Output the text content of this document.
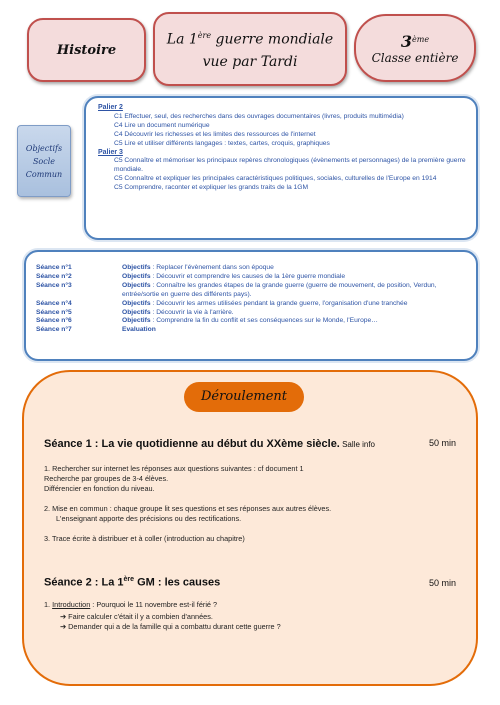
Histoire
La 1ère guerre mondiale
vue par Tardi
3ème
Classe entière
Objectifs
Socle
Commun
Palier 2
C1 Effectuer, seul, des recherches dans des ouvrages documentaires (livres, produits multimédia)
C4 Lire un document numérique
C4 Découvrir les richesses et les limites des ressources de l'internet
C5 Lire et utiliser différents langages : textes, cartes, croquis, graphiques
Palier 3
C5 Connaître et mémoriser les principaux repères chronologiques (évènements et personnages) de la première guerre mondiale.
C5 Connaître et expliquer les principales caractéristiques politiques, sociales, culturelles de l'Europe en 1914
C5 Comprendre, raconter et expliquer les grands traits de la 1GM
Séance n°1	Objectifs : Replacer l'évènement dans son époque
Séance n°2	Objectifs : Découvrir et comprendre les causes de la 1ère guerre mondiale
Séance n°3	Objectifs : Connaître les grandes étapes de la grande guerre (guerre de mouvement, de position, Verdun, entrée/sortie en guerre des différents pays).
Séance n°4	Objectifs : Découvrir les armes utilisées pendant la grande guerre, l'organisation d'une tranchée
Séance n°5	Objectifs : Découvrir la vie à l'arrière.
Séance n°6	Objectifs : Comprendre la fin du conflit et ses conséquences sur le Monde, l'Europe…
Séance n°7	Evaluation
Déroulement
Séance 1 : La vie quotidienne au début du XXème siècle. Salle info	50 min
1. Rechercher sur internet les réponses aux questions suivantes : cf document 1
Recherche par groupes de 3-4 élèves.
Différencier en fonction du niveau.
2. Mise en commun : chaque groupe lit ses questions et ses réponses aux autres élèves.
L'enseignant apporte des précisions ou des rectifications.
3. Trace écrite à distribuer et à coller (introduction au chapitre)
Séance 2 : La 1ère GM : les causes	50 min
1. Introduction : Pourquoi le 11 novembre est-il férié ?
➔ Faire calculer c'était il y a combien d'années.
➔ Demander qui a de la famille qui a combattu durant cette guerre ?
